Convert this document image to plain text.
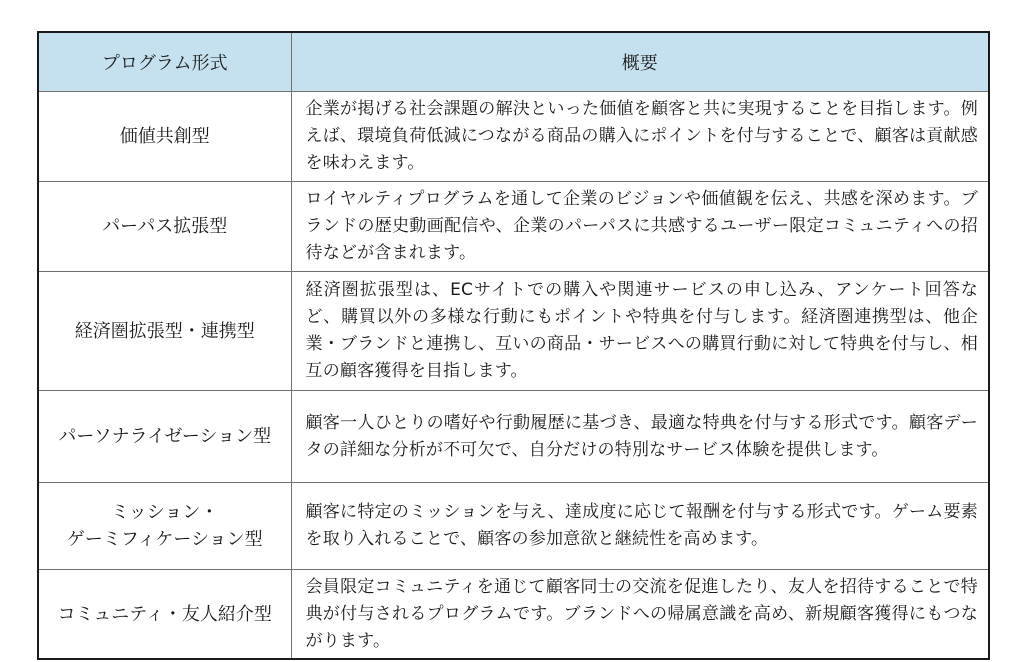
プログラム形式	概要
価値共創型	企業が掲げる社会課題の解決といった価値を顧客と共に実現することを目指します。例えば、環境負荷低減につながる商品の購入にポイントを付与することで、顧客は貢献感を味わえます。
パーパス拡張型	ロイヤルティプログラムを通して企業のビジョンや価値観を伝え、共感を深めます。ブランドの歴史動画配信や、企業のパーパスに共感するユーザー限定コミュニティへの招待などが含まれます。
経済圏拡張型・連携型	経済圏拡張型は、ECサイトでの購入や関連サービスの申し込み、アンケート回答など、購買以外の多様な行動にもポイントや特典を付与します。経済圏連携型は、他企業・ブランドと連携し、互いの商品・サービスへの購買行動に対して特典を付与し、相互の顧客獲得を目指します。
パーソナライゼーション型	顧客一人ひとりの嗜好や行動履歴に基づき、最適な特典を付与する形式です。顧客データの詳細な分析が不可欠で、自分だけの特別なサービス体験を提供します。
ミッション・
ゲーミフィケーション型	顧客に特定のミッションを与え、達成度に応じて報酬を付与する形式です。ゲーム要素を取り入れることで、顧客の参加意欲と継続性を高めます。
コミュニティ・友人紹介型	会員限定コミュニティを通じて顧客同士の交流を促進したり、友人を招待することで特典が付与されるプログラムです。ブランドへの帰属意識を高め、新規顧客獲得にもつながります。
